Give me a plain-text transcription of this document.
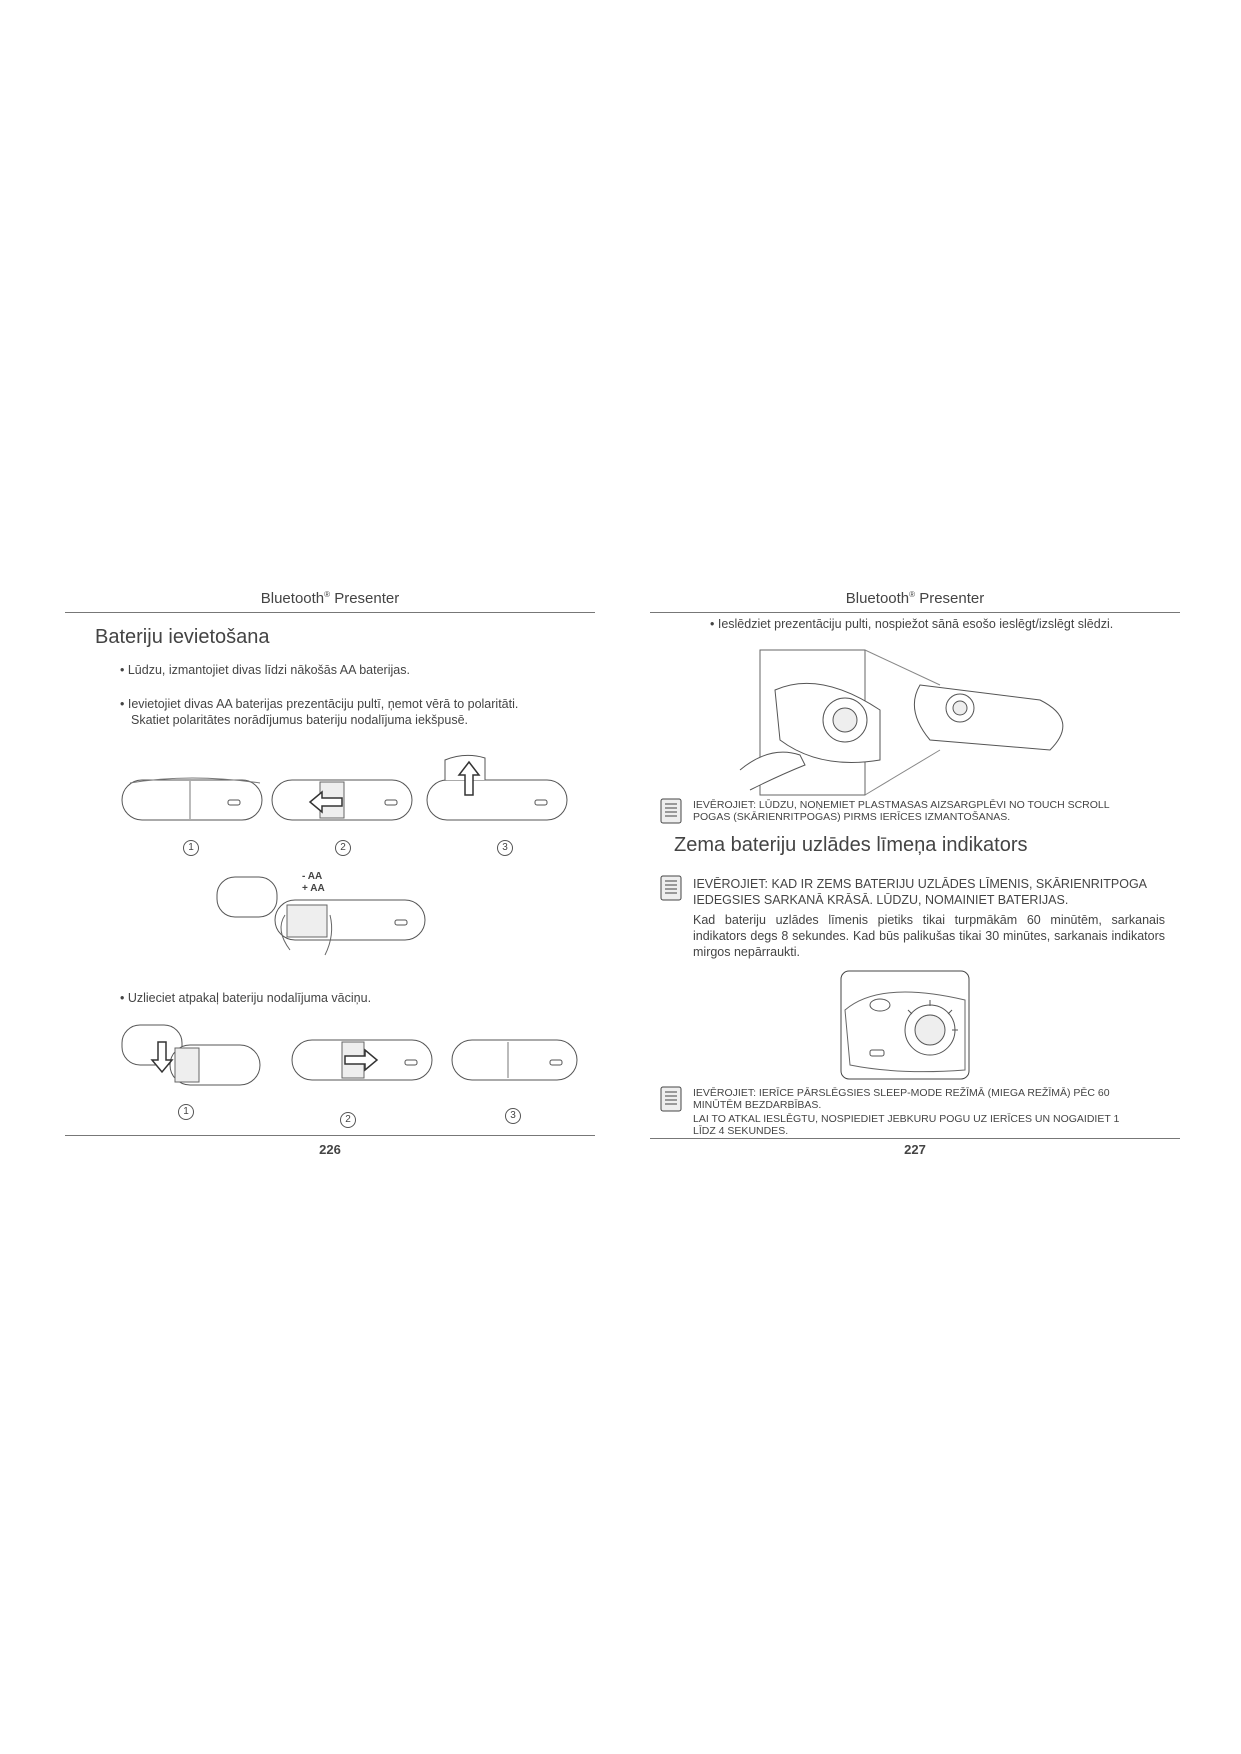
Bluetooth® Presenter
Bateriju ievietošana
• Lūdzu, izmantojiet divas līdzi nākošās AA baterijas.
• Ievietojiet divas AA baterijas prezentāciju pultī, ņemot vērā to polaritāti.
Skatiet polaritātes norādījumus bateriju nodalījuma iekšpusē.
1	2	3
- AA
+ AA
• Uzlieciet atpakaļ bateriju nodalījuma vāciņu.
1
2	3
226
Bluetooth® Presenter
• Ieslēdziet prezentāciju pulti, nospiežot sānā esošo ieslēgt/izslēgt slēdzi.
IEVĒROJIET: LŪDZU, NOŅEMIET PLASTMASAS AIZSARGPLĒVI NO TOUCH SCROLL
POGAS (SKĀRIENRITPOGAS) PIRMS IERĪCES IZMANTOŠANAS.
Zema bateriju uzlādes līmeņa indikators
IEVĒROJIET: KAD IR ZEMS BATERIJU UZLĀDES LĪMENIS, SKĀRIENRITPOGA
IEDEGSIES SARKANĀ KRĀSĀ. LŪDZU, NOMAINIET BATERIJAS.
Kad bateriju uzlādes līmenis pietiks tikai turpmākām 60 minūtēm, sarkanais indikators degs 8 sekundes. Kad būs palikušas tikai 30 minūtes, sarkanais indikators mirgos nepārraukti.
IEVĒROJIET: IERĪCE PĀRSLĒGSIES SLEEP-MODE REŽĪMĀ (MIEGA REŽĪMĀ) PĒC 60
MINŪTĒM BEZDARBĪBAS.
LAI TO ATKAL IESLĒGTU, NOSPIEDIET JEBKURU POGU UZ IERĪCES UN NOGAIDIET 1
LĪDZ 4 SEKUNDES.
227
